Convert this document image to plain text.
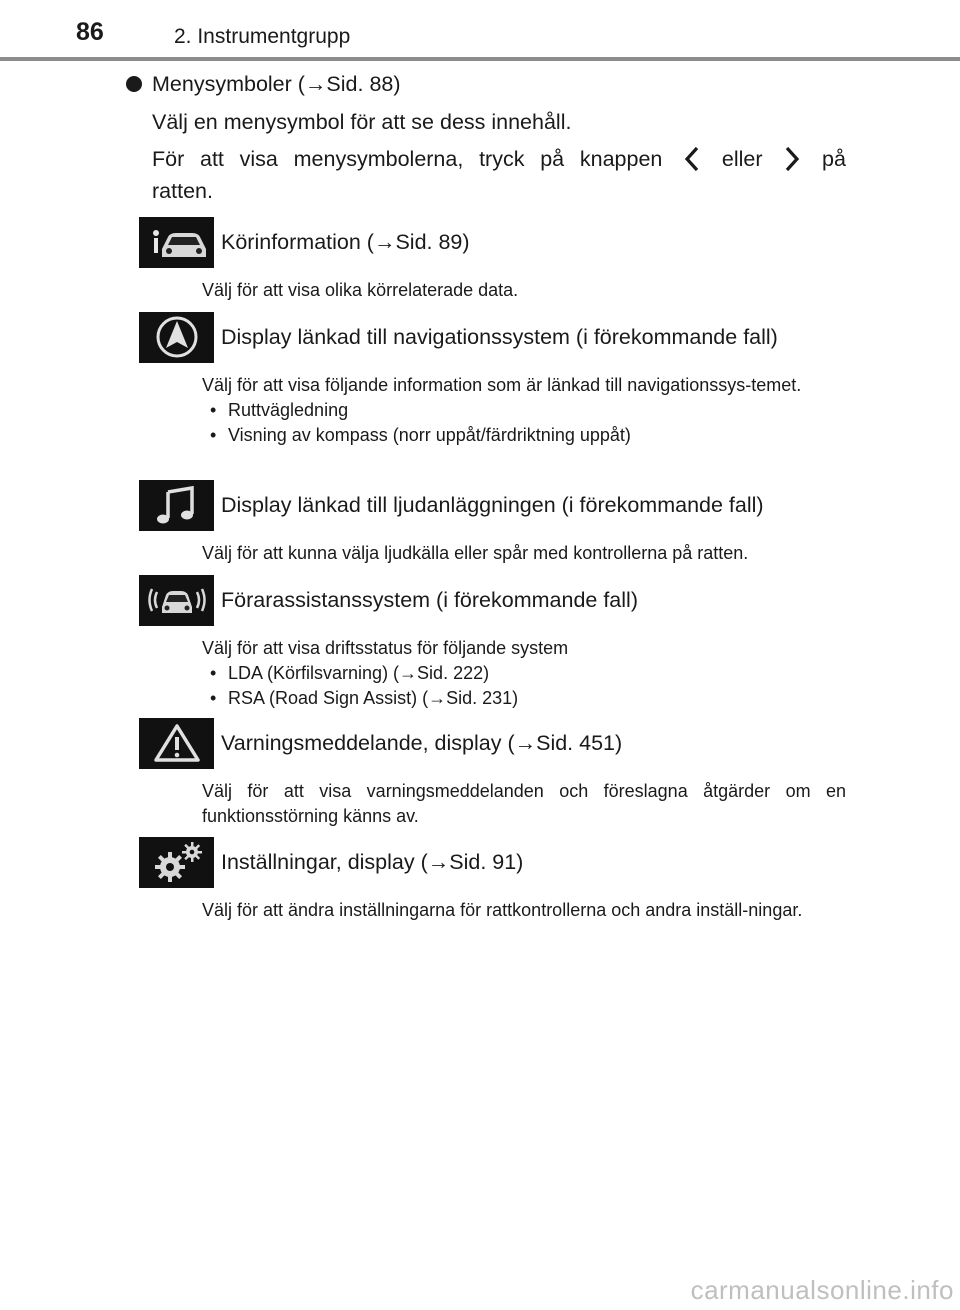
86	2. Instrumentgrupp
Menysymboler (→Sid. 88)
Välj en menysymbol för att se dess innehåll.
För att visa menysymbolerna, tryck på knappen	eller	på
ratten.
Körinformation (→Sid. 89)

Välj för att visa olika körrelaterade data.

Display länkad till navigationssystem (i förekommande fall)

Välj för att visa följande information som är länkad till navigationssys-temet.

• Ruttvägledning
• Visning av kompass (norr uppåt/färdriktning uppåt)
Display länkad till ljudanläggningen (i förekommande fall)

Välj för att kunna välja ljudkälla eller spår med kontrollerna på ratten.

Förarassistanssystem (i förekommande fall)

Välj för att visa driftsstatus för följande system

• LDA (Körfilsvarning) (→Sid. 222)
• RSA (Road Sign Assist) (→Sid. 231)
Varningsmeddelande, display (→Sid. 451)

Välj för att visa varningsmeddelanden och föreslagna åtgärder om en funktionsstörning känns av.

Inställningar, display (→Sid. 91)

Välj för att ändra inställningarna för rattkontrollerna och andra inställ-ningar.

carmanualsonline.info
